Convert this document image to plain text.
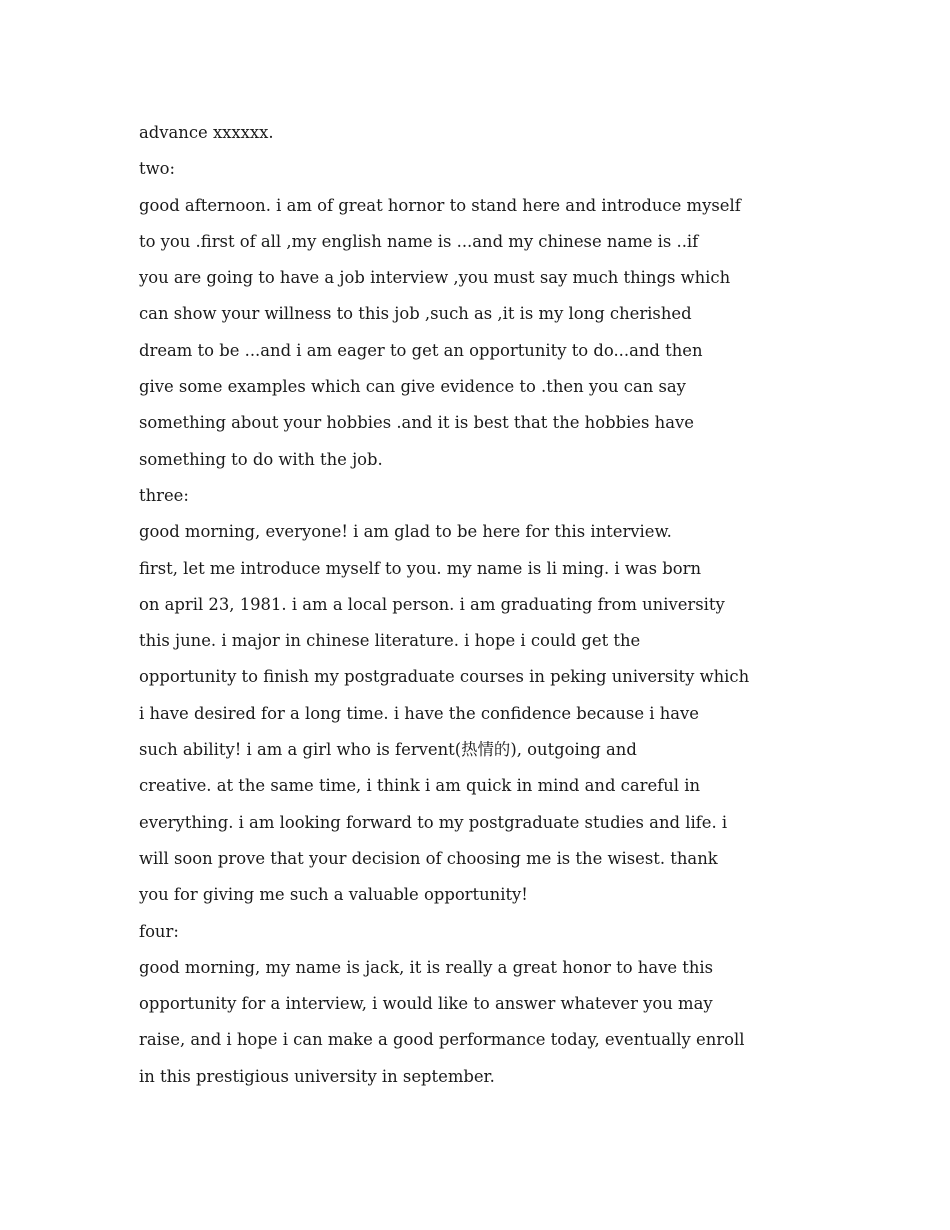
advance xxxxxx.
two:
good afternoon. i am of great hornor to stand here and introduce myself
to you .first of all ,my english name is ...and my chinese name is ..if
you are going to have a job interview ,you must say much things which
can show your willness to this job ,such as ,it is my long cherished
dream to be ...and i am eager to get an opportunity to do...and then
give some examples which can give evidence to .then you can say
something about your hobbies .and it is best that the hobbies have
something to do with the job.
three:
good morning, everyone! i am glad to be here for this interview.
first, let me introduce myself to you. my name is li ming. i was born
on april 23, 1981. i am a local person. i am graduating from university
this june. i major in chinese literature. i hope i could get the
opportunity to finish my postgraduate courses in peking university which
i have desired for a long time. i have the confidence because i have
such ability! i am a girl who is fervent(热情的), outgoing and
creative. at the same time, i think i am quick in mind and careful in
everything. i am looking forward to my postgraduate studies and life. i
will soon prove that your decision of choosing me is the wisest. thank
you for giving me such a valuable opportunity!
four:
good morning, my name is jack, it is really a great honor to have this
opportunity for a interview, i would like to answer whatever you may
raise, and i hope i can make a good performance today, eventually enroll
in this prestigious university in september.
